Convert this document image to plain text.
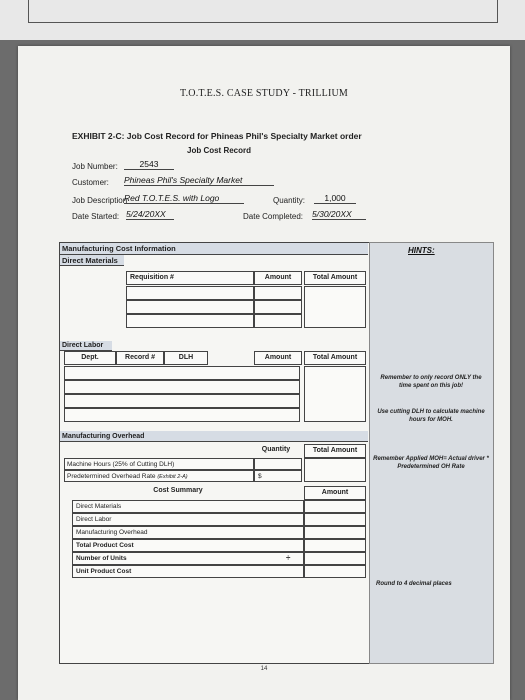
T.O.T.E.S. CASE STUDY - TRILLIUM
EXHIBIT 2-C: Job Cost Record for Phineas Phil's Specialty Market order
Job Cost Record
Job Number:	2543
Customer: Phineas Phil's Specialty Market
Job Description
Red T.O.T.E.S. with Logo	Quantity:	1,000
Date Started: 5/24/20XX	Date Completed: 5/30/20XX
HINTS:
Manufacturing Cost Information
Direct Materials
Requisition #	Amount	Total Amount
Direct Labor
Dept.	Record #	DLH	Amount	Total Amount
Manufacturing Overhead
Quantity	Total Amount
Machine Hours (25% of Cutting DLH)
Predetermined Overhead Rate (Exhibit 2-A)	$
Cost Summary	Amount
Direct Materials
Direct Labor
Manufacturing Overhead
Total Product Cost
Number of Units	÷
Unit Product Cost
Remember to only record ONLY the time spent on this job!
Use cutting DLH to calculate machine hours for MOH.
Remember Applied MOH= Actual driver * Predetermined OH Rate
Round to 4 decimal places
14
